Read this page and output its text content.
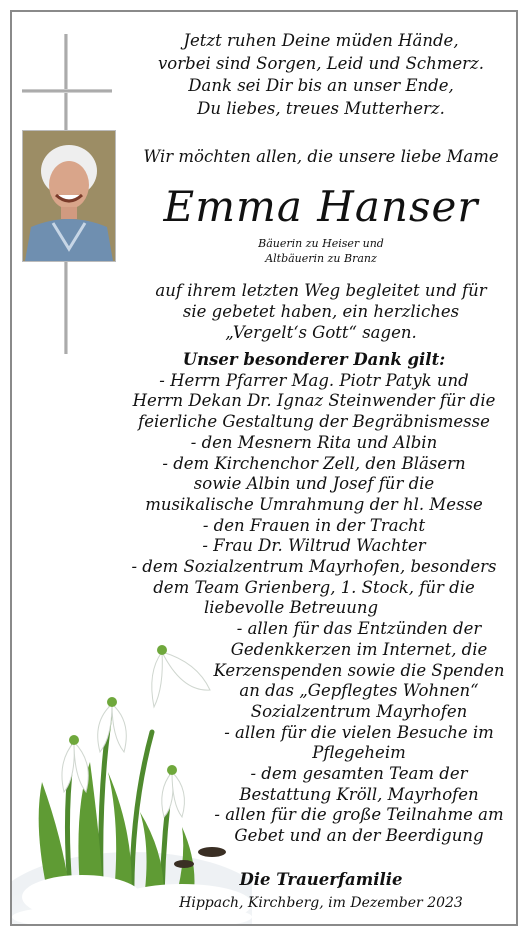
Jetzt ruhen Deine müden Hände,
vorbei sind Sorgen, Leid und Schmerz.
Dank sei Dir bis an unser Ende,
Du liebes, treues Mutterherz.
Wir möchten allen, die unsere liebe Mame
Emma Hanser
Bäuerin zu Heiser und
Altbäuerin zu Branz
auf ihrem letzten Weg begleitet und für
sie gebetet haben, ein herzliches
„Vergelt‘s Gott“ sagen.
Unser besonderer Dank gilt:
- Herrn Pfarrer Mag. Piotr Patyk und
Herrn Dekan Dr. Ignaz Steinwender für die
feierliche Gestaltung der Begräbnismesse
- den Mesnern Rita und Albin
- dem Kirchenchor Zell, den Bläsern
sowie Albin und Josef für die
musikalische Umrahmung der hl. Messe
- den Frauen in der Tracht
- Frau Dr. Wiltrud Wachter
- dem Sozialzentrum Mayrhofen, besonders
dem Team Grienberg, 1. Stock, für die
liebevolle Betreuung
- allen für das Entzünden der
Gedenkkerzen im Internet, die
Kerzenspenden sowie die Spenden
an das „Gepflegtes Wohnen“
Sozialzentrum Mayrhofen
- allen für die vielen Besuche im
Pflegeheim
- dem gesamten Team der
Bestattung Kröll, Mayrhofen
- allen für die große Teilnahme am
Gebet und an der Beerdigung
Die Trauerfamilie
Hippach, Kirchberg, im Dezember 2023
